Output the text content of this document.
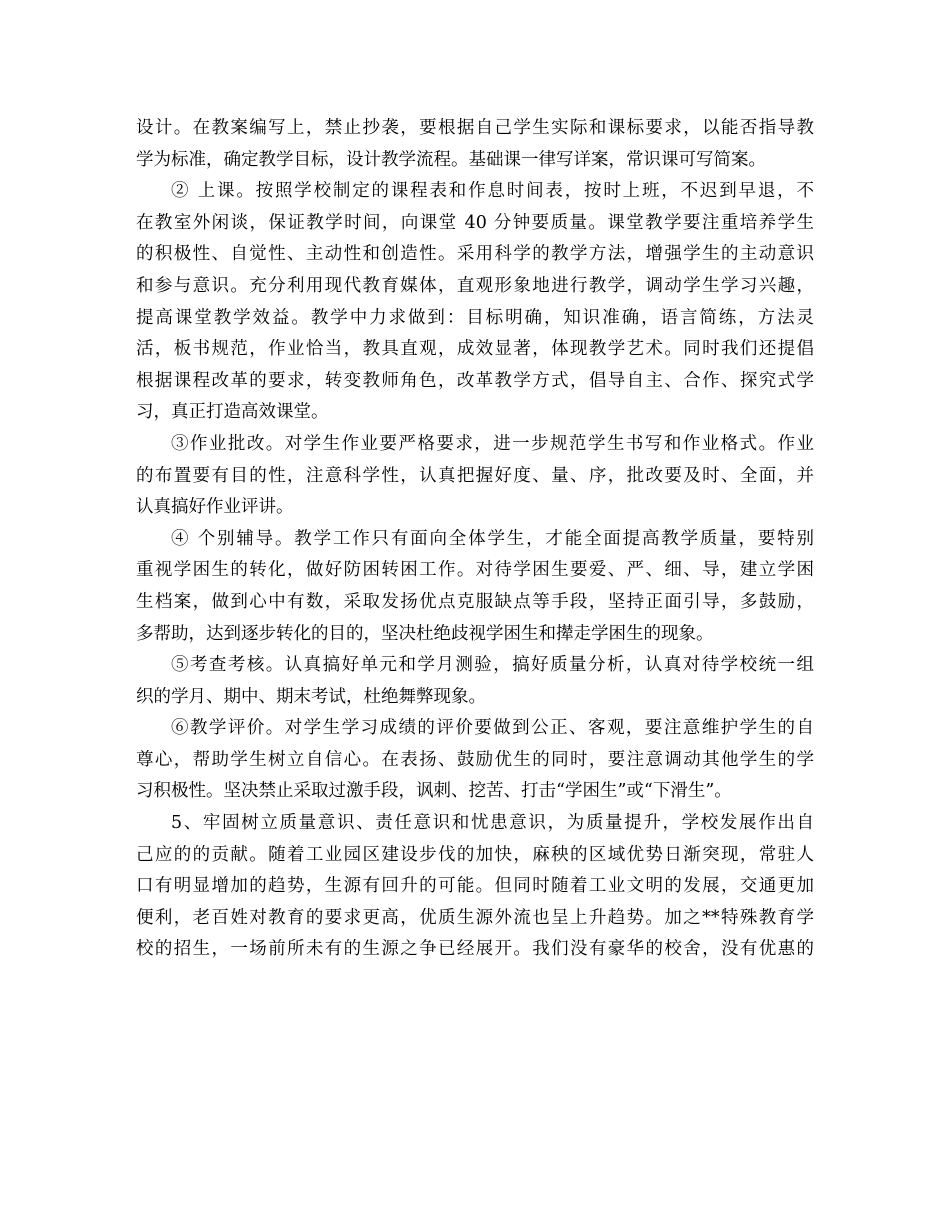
设计。在教案编写上，禁止抄袭，要根据自己学生实际和课标要求，以能否指导教
学为标准，确定教学目标，设计教学流程。基础课一律写详案，常识课可写简案。
② 上课。按照学校制定的课程表和作息时间表，按时上班，不迟到早退，不
在教室外闲谈，保证教学时间，向课堂 40 分钟要质量。课堂教学要注重培养学生
的积极性、自觉性、主动性和创造性。采用科学的教学方法，增强学生的主动意识
和参与意识。充分利用现代教育媒体，直观形象地进行教学，调动学生学习兴趣，
提高课堂教学效益。教学中力求做到：目标明确，知识准确，语言简练，方法灵
活，板书规范，作业恰当，教具直观，成效显著，体现教学艺术。同时我们还提倡
根据课程改革的要求，转变教师角色，改革教学方式，倡导自主、合作、探究式学
习，真正打造高效课堂。
③作业批改。对学生作业要严格要求，进一步规范学生书写和作业格式。作业
的布置要有目的性，注意科学性，认真把握好度、量、序，批改要及时、全面，并
认真搞好作业评讲。
④ 个别辅导。教学工作只有面向全体学生，才能全面提高教学质量，要特别
重视学困生的转化，做好防困转困工作。对待学困生要爱、严、细、导，建立学困
生档案，做到心中有数，采取发扬优点克服缺点等手段，坚持正面引导，多鼓励，
多帮助，达到逐步转化的目的，坚决杜绝歧视学困生和撵走学困生的现象。
⑤考查考核。认真搞好单元和学月测验，搞好质量分析，认真对待学校统一组
织的学月、期中、期末考试，杜绝舞弊现象。
⑥教学评价。对学生学习成绩的评价要做到公正、客观，要注意维护学生的自
尊心，帮助学生树立自信心。在表扬、鼓励优生的同时，要注意调动其他学生的学
习积极性。坚决禁止采取过激手段，讽刺、挖苦、打击“学困生”或“下滑生”。
5、牢固树立质量意识、责任意识和忧患意识，为质量提升，学校发展作出自
己应的的贡献。随着工业园区建设步伐的加快，麻秧的区域优势日渐突现，常驻人
口有明显增加的趋势，生源有回升的可能。但同时随着工业文明的发展，交通更加
便利，老百姓对教育的要求更高，优质生源外流也呈上升趋势。加之**特殊教育学
校的招生，一场前所未有的生源之争已经展开。我们没有豪华的校舍，没有优惠的
